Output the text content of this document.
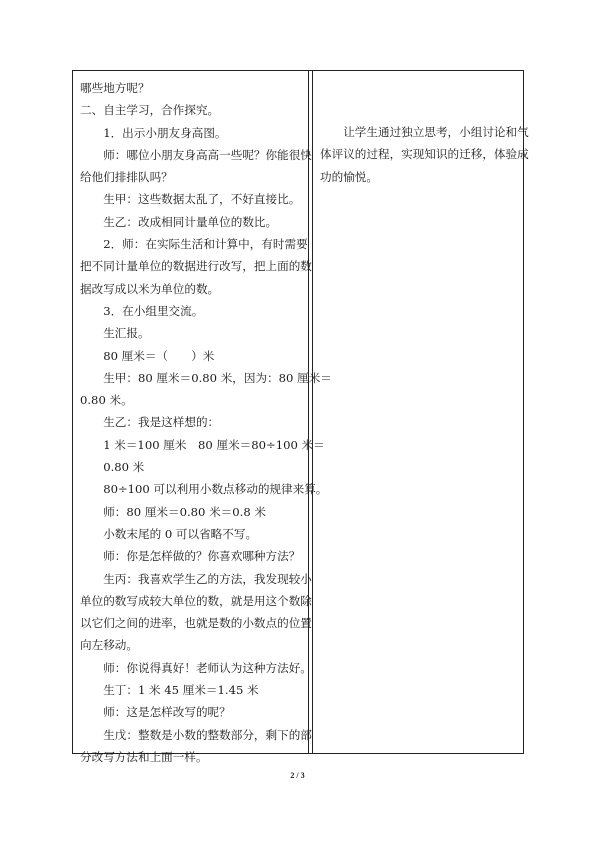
哪些地方呢？
二、自主学习，合作探究。
1．出示小朋友身高图。
师：哪位小朋友身高高一些呢？你能很快
给他们排排队吗？
生甲：这些数据太乱了，不好直接比。
生乙：改成相同计量单位的数比。
2．师：在实际生活和计算中，有时需要
把不同计量单位的数据进行改写，把上面的数
据改写成以米为单位的数。
3．在小组里交流。
生汇报。
80 厘米＝（　　）米
生甲：80 厘米＝0.80 米，因为：80 厘米＝
0.80 米。
生乙：我是这样想的：
1 米＝100 厘米　80 厘米＝80÷100 米＝
0.80 米
80÷100 可以利用小数点移动的规律来算。
师：80 厘米＝0.80 米＝0.8 米
小数末尾的 0 可以省略不写。
师：你是怎样做的？你喜欢哪种方法？
生丙：我喜欢学生乙的方法，我发现较小
单位的数写成较大单位的数，就是用这个数除
以它们之间的进率，也就是数的小数点的位置
向左移动。
师：你说得真好！老师认为这种方法好。
生丁：1 米 45 厘米＝1.45 米
师：这是怎样改写的呢？
生戊：整数是小数的整数部分，剩下的部
分改写方法和上面一样。
让学生通过独立思考，小组讨论和气
体评议的过程，实现知识的迁移，体验成
功的愉悦。
2 / 3
